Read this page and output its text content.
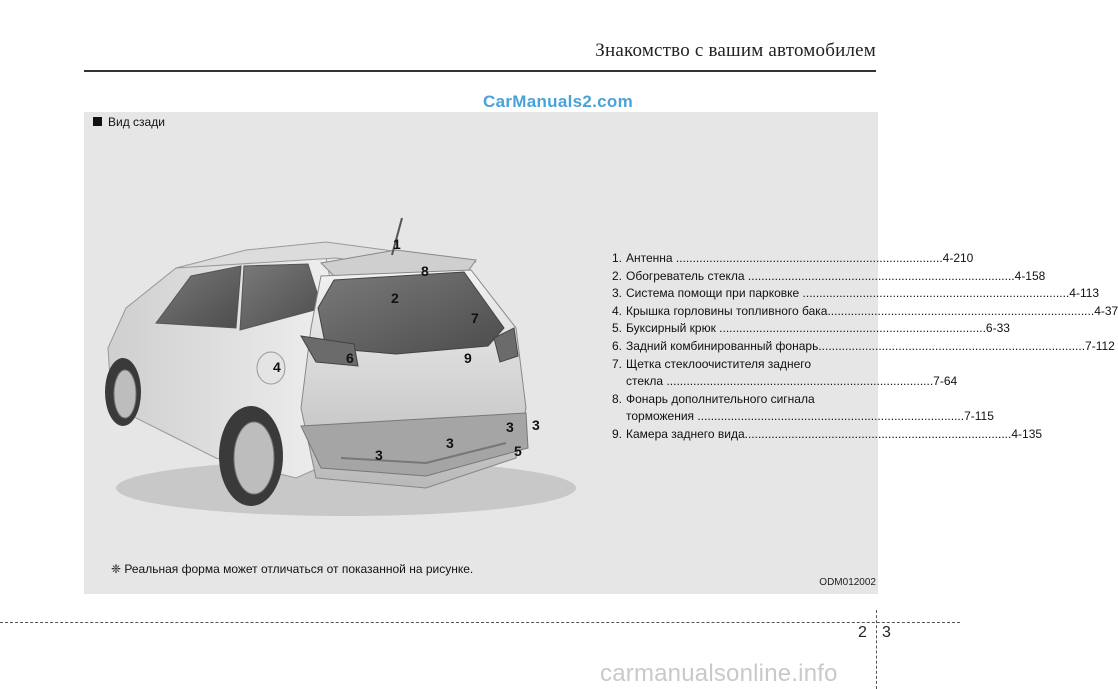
Знакомство с вашим автомобилем
CarManuals2.com
Вид сзади
1
2
3
3
3 3
4
5
6
7
8
9
1. Антенна ................................................................................ 4-210
2. Обогреватель стекла ................................................................................ 4-158
3. Система помощи при парковке ................................................................................ 4-113
4. Крышка горловины топливного бака ................................................................................ 4-37
5. Буксирный крюк ................................................................................ 6-33
6. Задний комбинированный фонарь ................................................................................ 7-112
7. Щетка стеклоочистителя заднего
стекла ................................................................................ 7-64
8. Фонарь дополнительного сигнала
торможения ................................................................................ 7-115
9. Камера заднего вида ................................................................................ 4-135
❈ Реальная форма может отличаться от показанной на рисунке.
ODM012002
2 3
carmanualsonline.info
